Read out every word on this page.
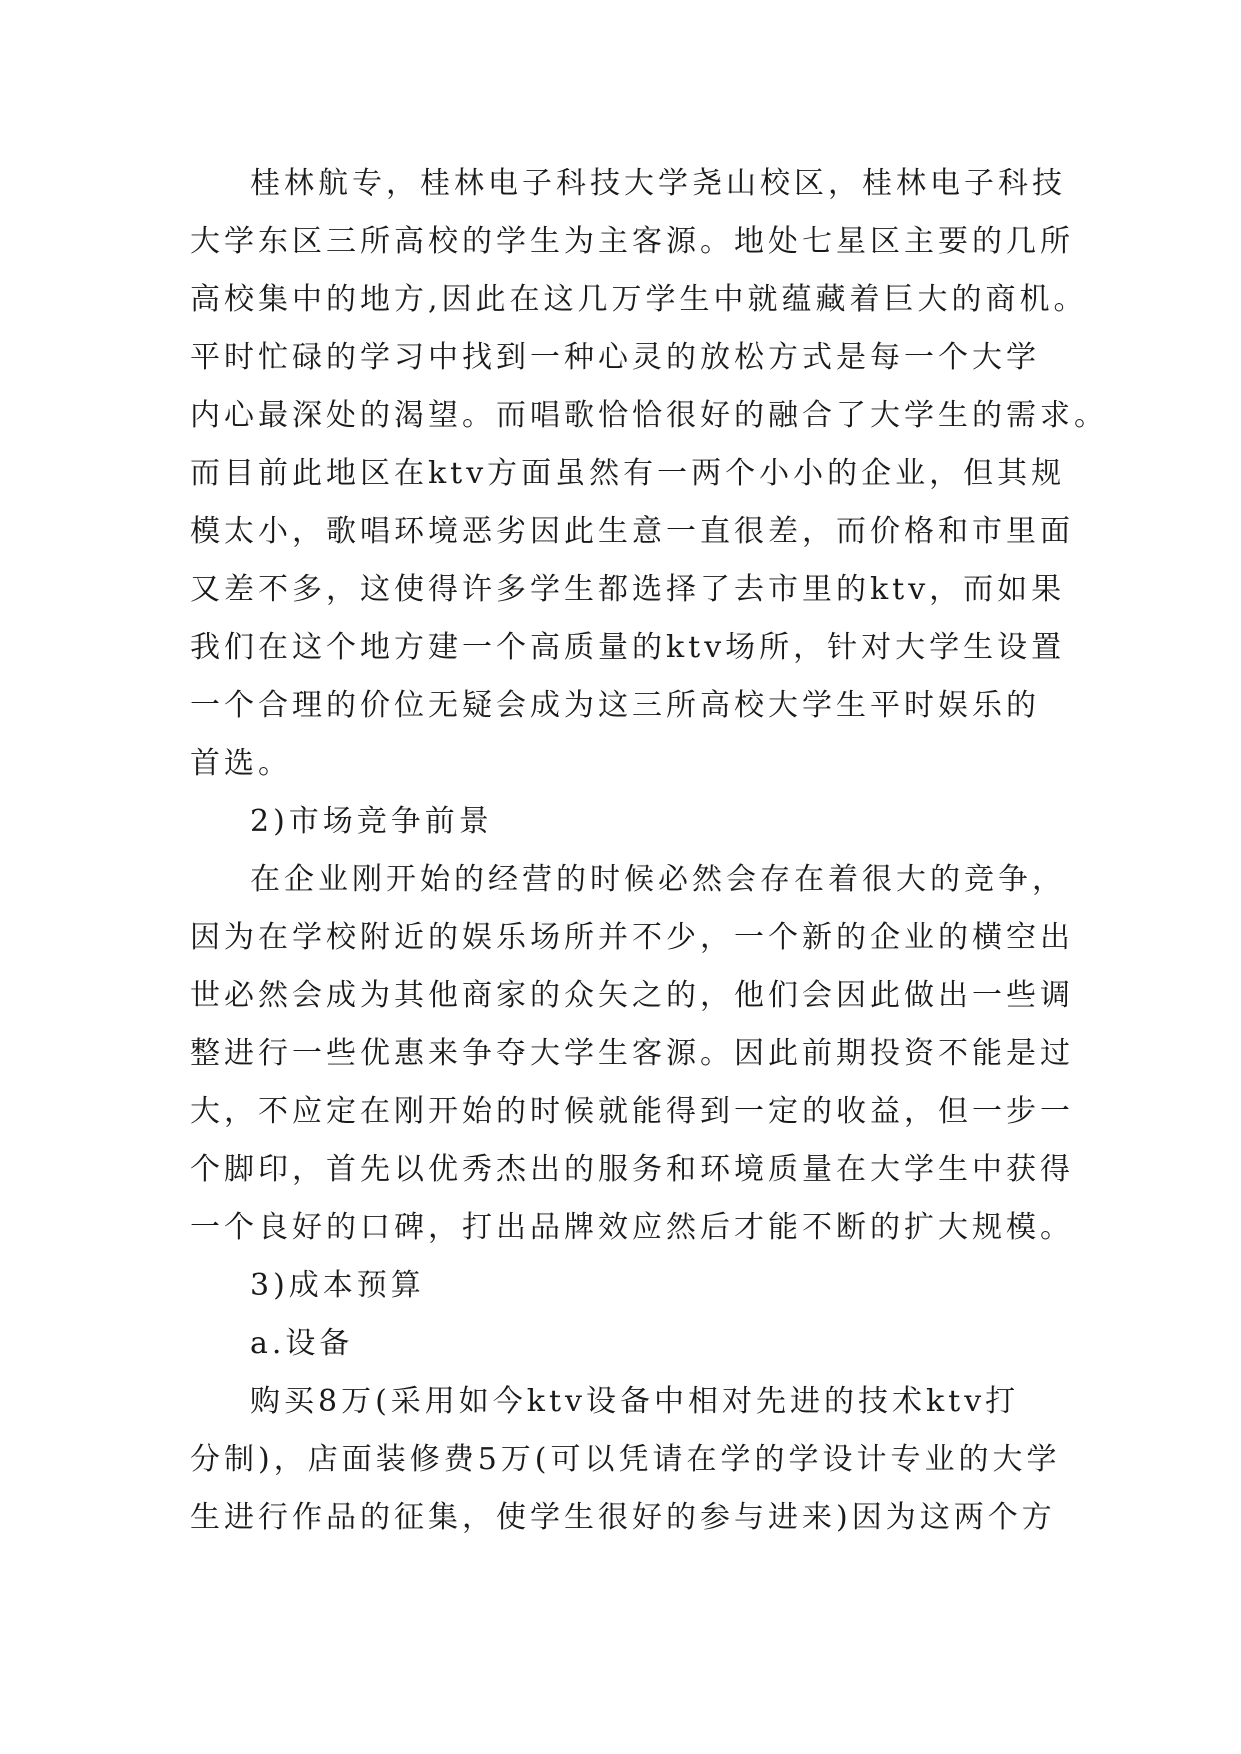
桂林航专，桂林电子科技大学尧山校区，桂林电子科技
大学东区三所高校的学生为主客源。地处七星区主要的几所
高校集中的地方,因此在这几万学生中就蕴藏着巨大的商机。
平时忙碌的学习中找到一种心灵的放松方式是每一个大学
内心最深处的渴望。而唱歌恰恰很好的融合了大学生的需求。
而目前此地区在ktv方面虽然有一两个小小的企业，但其规
模太小，歌唱环境恶劣因此生意一直很差，而价格和市里面
又差不多，这使得许多学生都选择了去市里的ktv，而如果
我们在这个地方建一个高质量的ktv场所，针对大学生设置
一个合理的价位无疑会成为这三所高校大学生平时娱乐的
首选。
2)市场竞争前景
在企业刚开始的经营的时候必然会存在着很大的竞争，
因为在学校附近的娱乐场所并不少，一个新的企业的横空出
世必然会成为其他商家的众矢之的，他们会因此做出一些调
整进行一些优惠来争夺大学生客源。因此前期投资不能是过
大，不应定在刚开始的时候就能得到一定的收益，但一步一
个脚印，首先以优秀杰出的服务和环境质量在大学生中获得
一个良好的口碑，打出品牌效应然后才能不断的扩大规模。
3)成本预算
a.设备
购买8万(采用如今ktv设备中相对先进的技术ktv打
分制)，店面装修费5万(可以凭请在学的学设计专业的大学
生进行作品的征集，使学生很好的参与进来)因为这两个方
